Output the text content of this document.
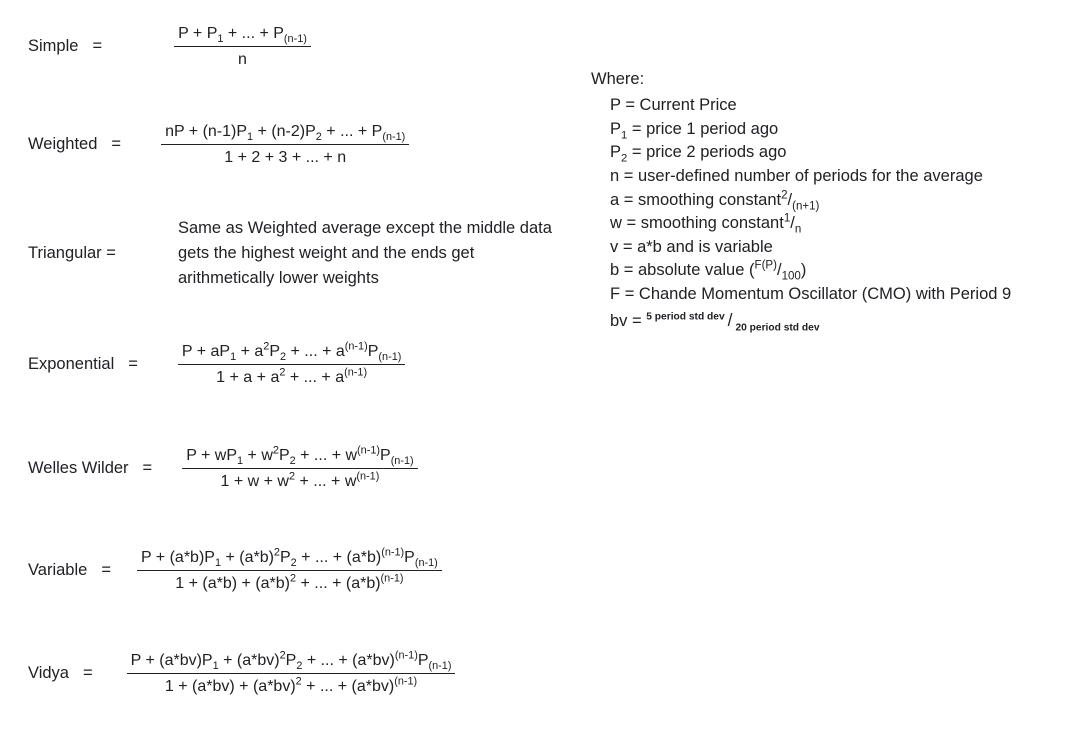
Simple =	$\frac{P + P_1 + ... + P_{(n-1)}}{n}$
Weighted =	$\frac{nP + (n-1)P_1 + (n-2)P_2 + ... + P_{(n-1)}}{1 + 2 + 3 + ... + n}$
Triangular =
Same as Weighted average except the middle data gets the highest weight and the ends get arithmetically lower weights
Exponential =	$\frac{P + aP_1 + a^2P_2 + ... + a^{(n-1)}P_{(n-1)}}{1 + a + a^2 + ... + a^{(n-1)}}$
Welles Wilder = $\frac{P + wP_1 + w^2P_2 + ... + w^{(n-1)}P_{(n-1)}}{1 + w + w^2 + ... + w^{(n-1)}}$
Variable = $\frac{P + (a*b)P_1 + (a*b)^2P_2 + ... + (a*b)^{(n-1)}P_{(n-1)}}{1 + (a*b) + (a*b)^2 + ... + (a*b)^{(n-1)}}$
Vidya = $\frac{P + (a*bv)P_1 + (a*bv)^2P_2 + ... + (a*bv)^{(n-1)}P_{(n-1)}}{1 + (a*bv) + (a*bv)^2 + ... + (a*bv)^{(n-1)}}$
Where:
P = Current Price
$P_1$ = price 1 period ago
$P_2$ = price 2 periods ago
n = user-defined number of periods for the average
a = smoothing $constant^2/_{(n+1)}$
w = smoothing $constant^1/_n$
v = a*b and is variable
b = absolute value $(^{F(P)}/_{100})$
F = Chande Momentum Oscillator (CMO) with Period 9
bv = $^{5 period std dev}$ / $_{20 period std dev}$
